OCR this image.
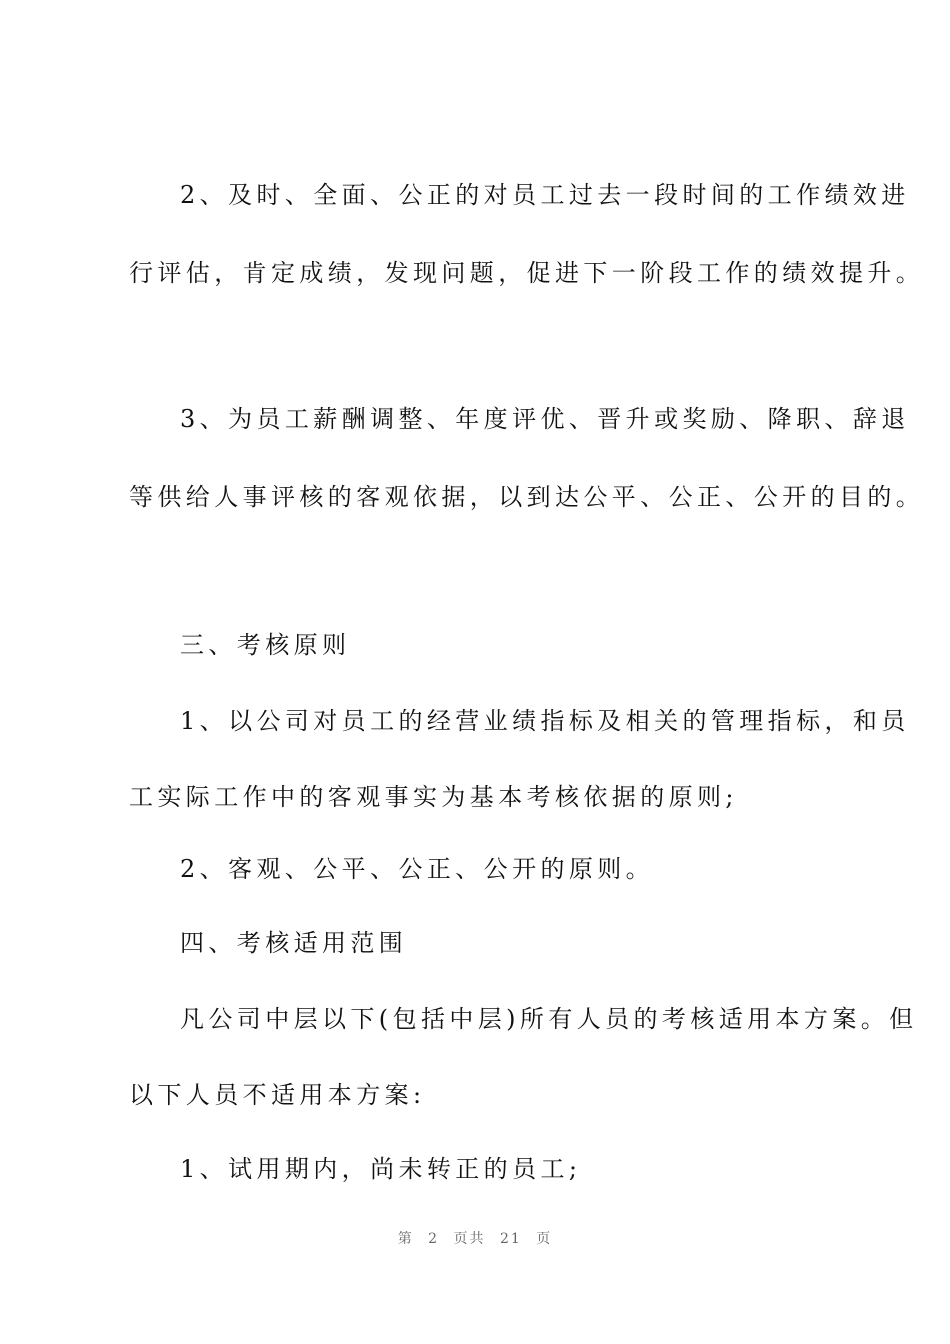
2、及时、全面、公正的对员工过去一段时间的工作绩效进
行评估，肯定成绩，发现问题，促进下一阶段工作的绩效提升。
3、为员工薪酬调整、年度评优、晋升或奖励、降职、辞退
等供给人事评核的客观依据，以到达公平、公正、公开的目的。
三、考核原则
1、以公司对员工的经营业绩指标及相关的管理指标，和员
工实际工作中的客观事实为基本考核依据的原则;
2、客观、公平、公正、公开的原则。
四、考核适用范围
凡公司中层以下(包括中层)所有人员的考核适用本方案。但
以下人员不适用本方案:
1、试用期内，尚未转正的员工;
第 2 页共 21 页
